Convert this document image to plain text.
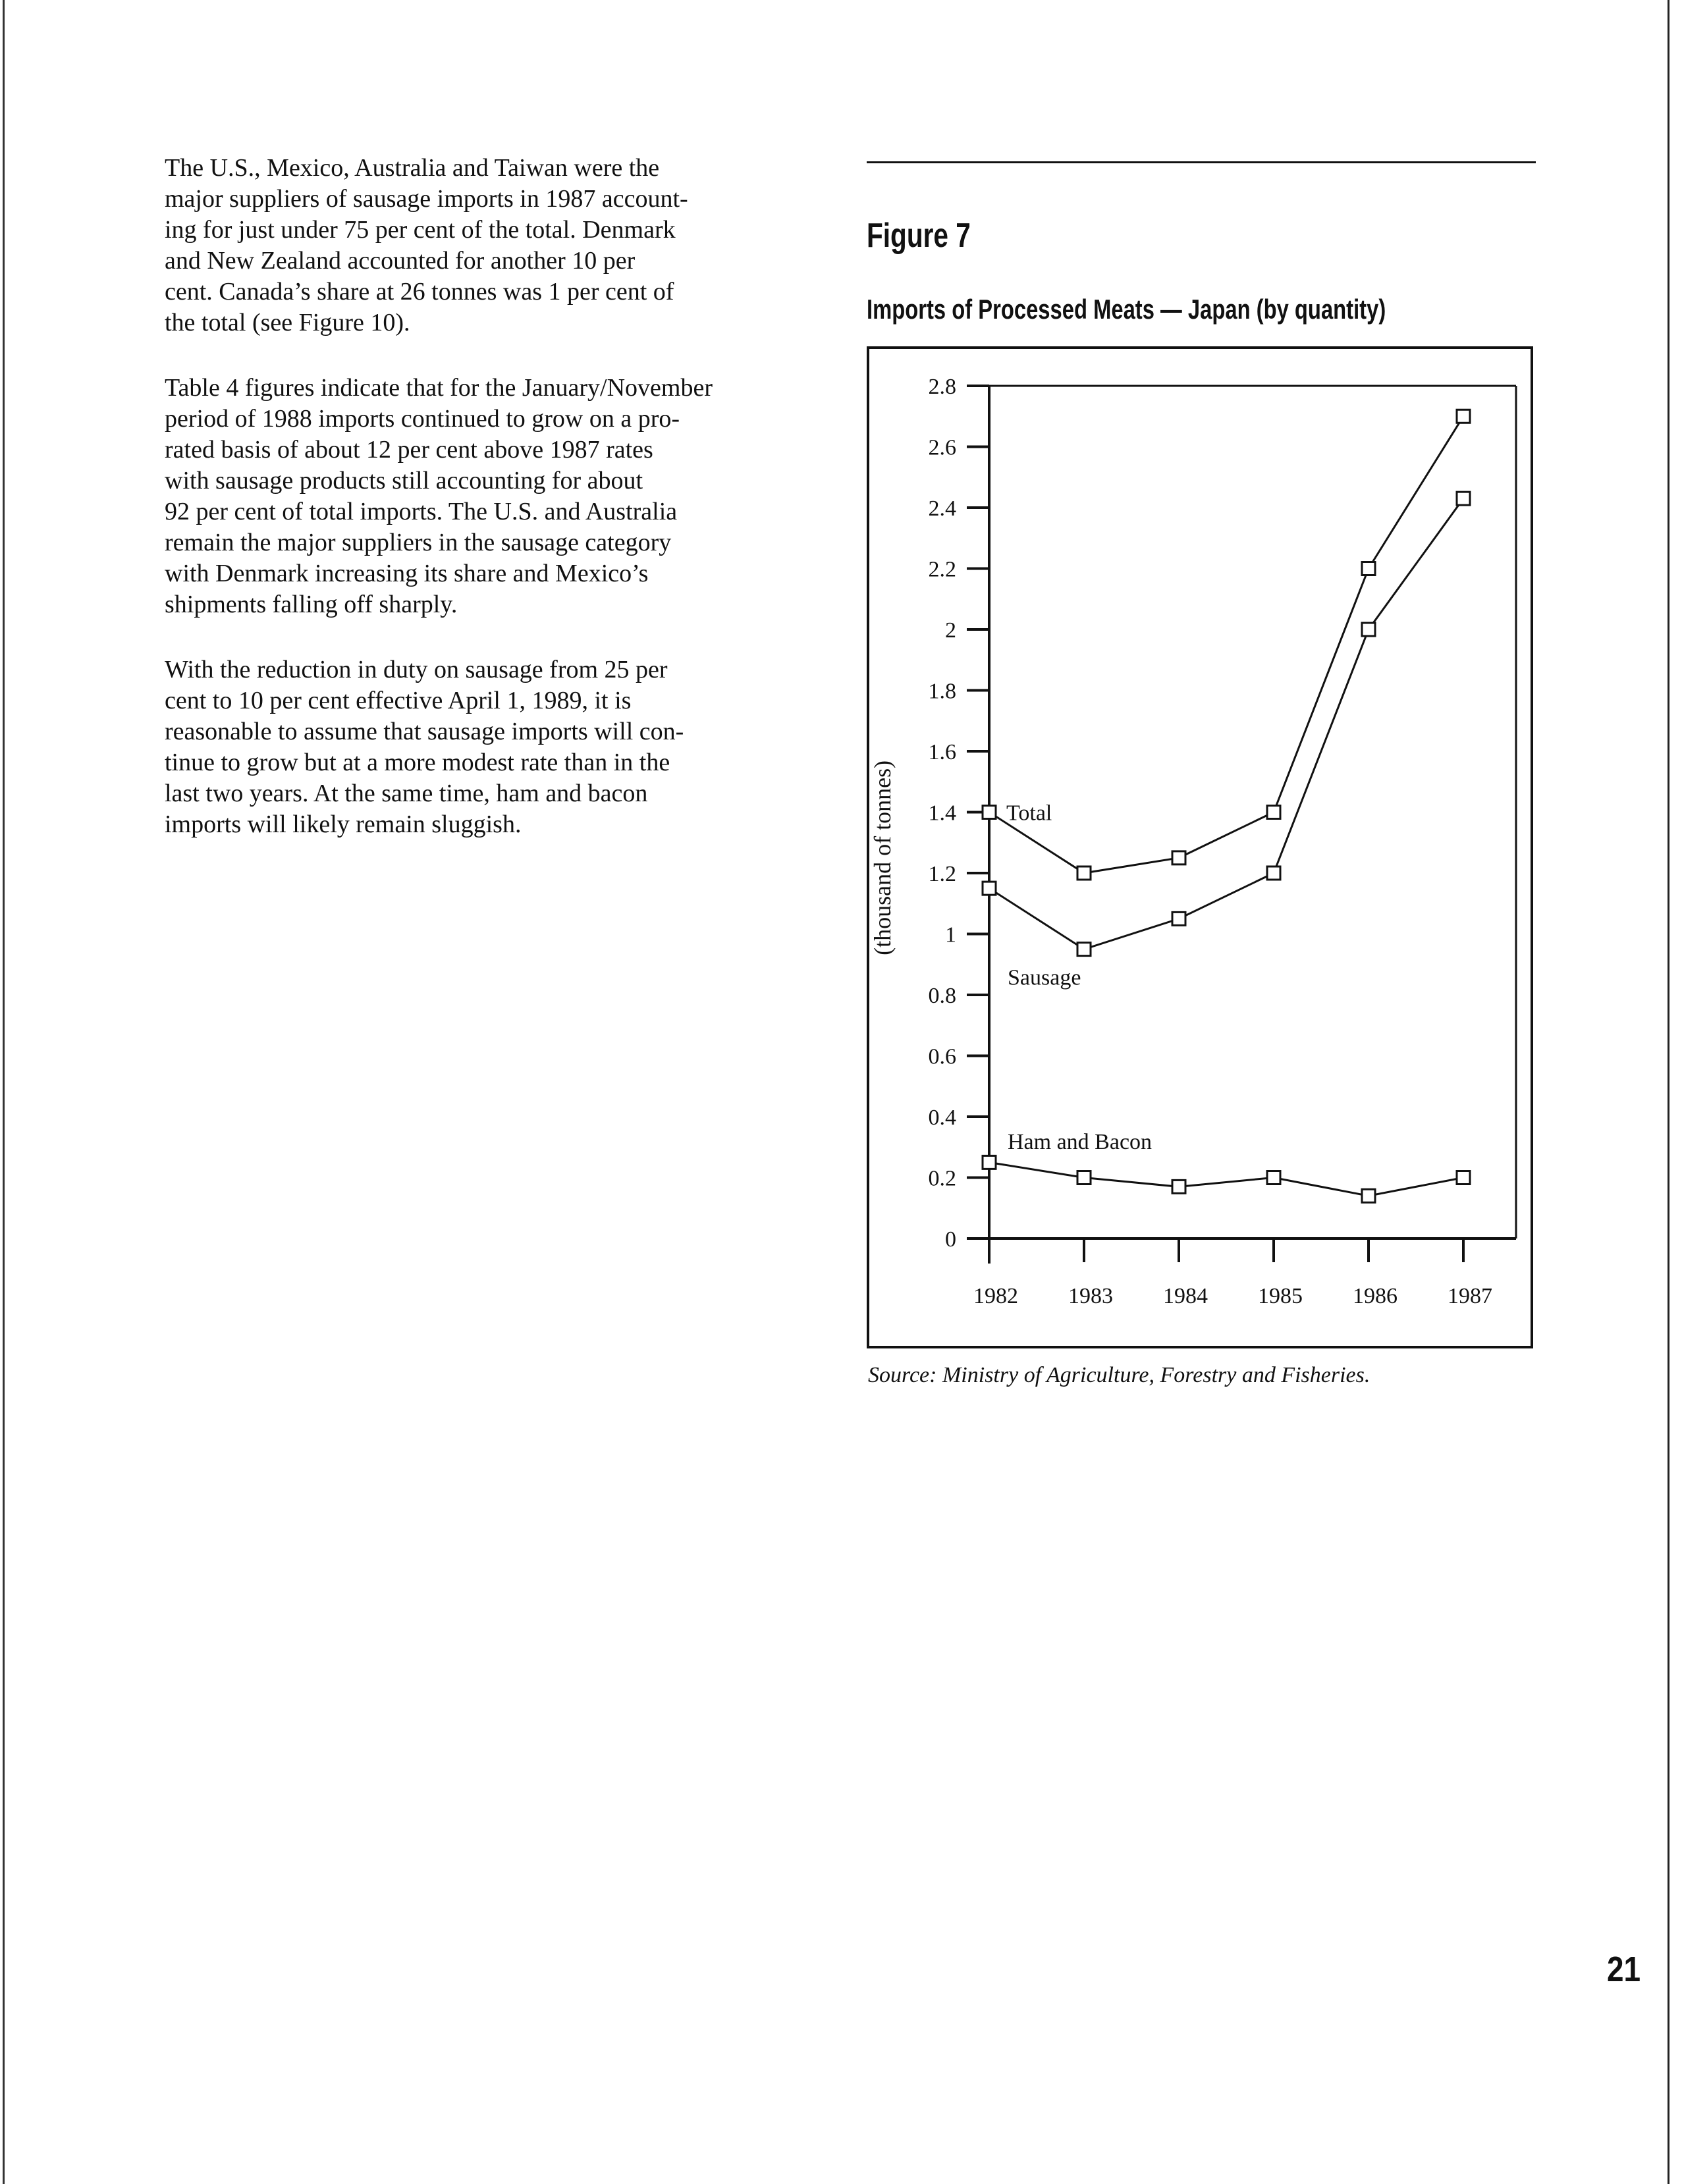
The U.S., Mexico, Australia and Taiwan were the
major suppliers of sausage imports in 1987 account-
ing for just under 75 per cent of the total. Denmark
and New Zealand accounted for another 10 per
cent. Canada’s share at 26 tonnes was 1 per cent of
the total (see Figure 10).

Table 4 figures indicate that for the January/November
period of 1988 imports continued to grow on a pro-
rated basis of about 12 per cent above 1987 rates
with sausage products still accounting for about
92 per cent of total imports. The U.S. and Australia
remain the major suppliers in the sausage category
with Denmark increasing its share and Mexico’s
shipments falling off sharply.

With the reduction in duty on sausage from 25 per
cent to 10 per cent effective April 1, 1989, it is
reasonable to assume that sausage imports will con-
tinue to grow but at a more modest rate than in the
last two years. At the same time, ham and bacon
imports will likely remain sluggish.

Figure 7
Imports of Processed Meats — Japan (by quantity)
0
0.2
0.4
0.6
0.8
1
1.2
1.4
1.6
1.8
2
2.2
2.4
2.6
2.8
(thousand of tonnes)
1982 1983 1984 1985 1986 1987
Total
Sausage
Ham and Bacon
Source: Ministry of Agriculture, Forestry and Fisheries.
21
